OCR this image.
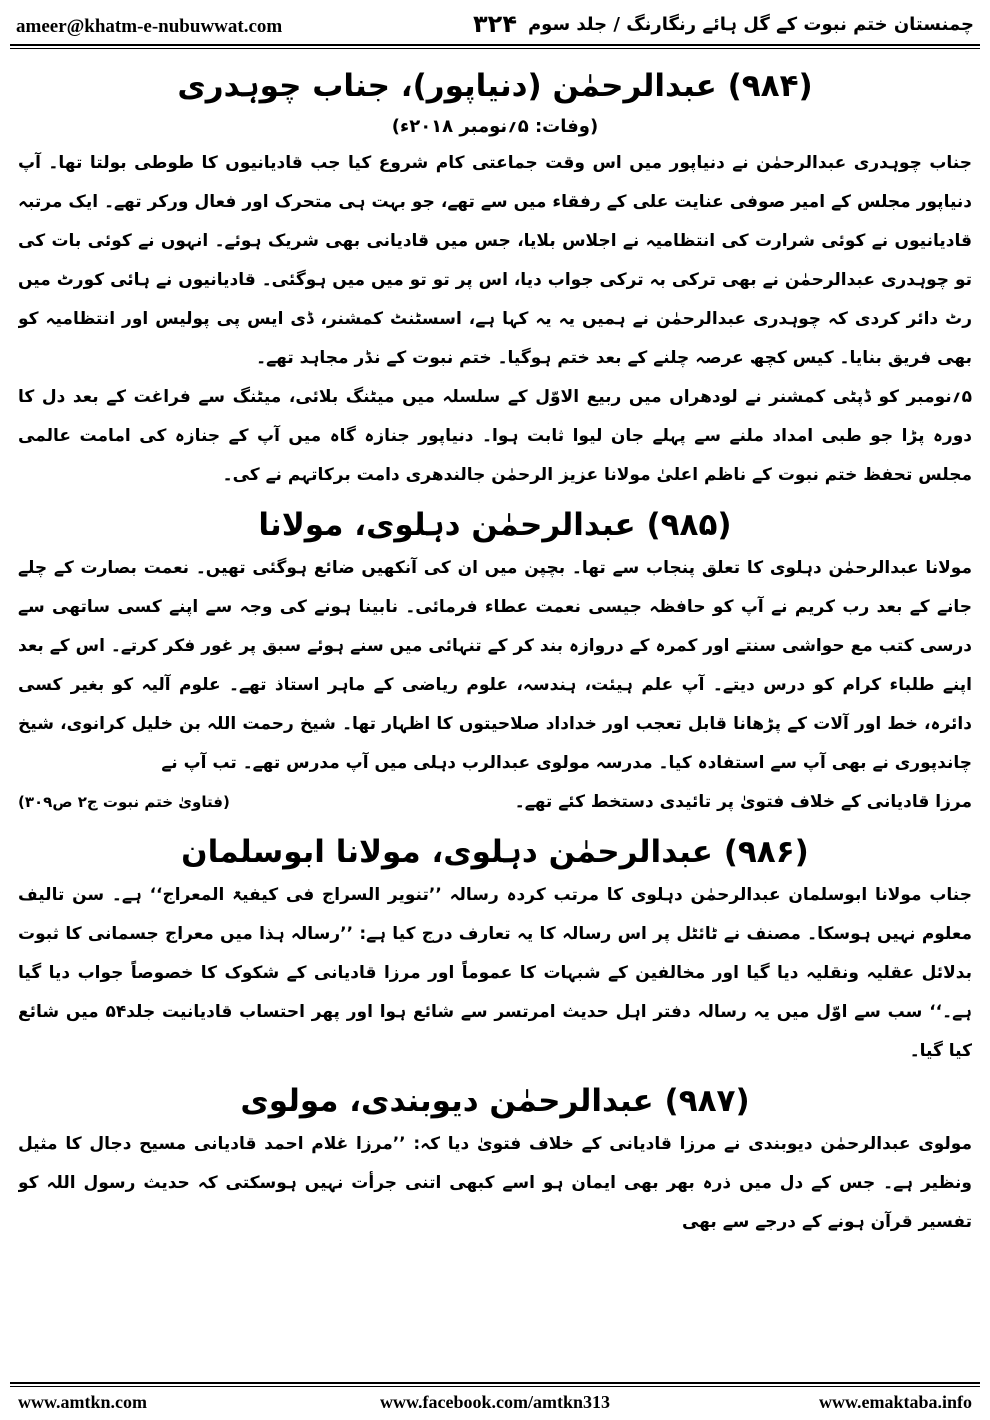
ameer@khatm-e-nubuwwat.com	۳۲۴ چمنستان ختم نبوت کے گل ہائے رنگارنگ / جلد سوم
(۹۸۴) عبدالرحمٰن (دنیاپور)، جناب چوہدری
(وفات: ۵؍نومبر ۲۰۱۸ء)

جناب چوہدری عبدالرحمٰن نے دنیاپور میں اس وقت جماعتی کام شروع کیا جب قادیانیوں کا طوطی بولتا تھا۔ آپ دنیاپور مجلس کے امیر صوفی عنایت علی کے رفقاء میں سے تھے، جو بہت ہی متحرک اور فعال ورکر تھے۔ ایک مرتبہ قادیانیوں نے کوئی شرارت کی انتظامیہ نے اجلاس بلایا، جس میں قادیانی بھی شریک ہوئے۔ انہوں نے کوئی بات کی تو چوہدری عبدالرحمٰن نے بھی ترکی بہ ترکی جواب دیا، اس پر تو تو میں میں ہوگئی۔ قادیانیوں نے ہائی کورٹ میں رٹ دائر کردی کہ چوہدری عبدالرحمٰن نے ہمیں یہ یہ کہا ہے، اسسٹنٹ کمشنر، ڈی ایس پی پولیس اور انتظامیہ کو بھی فریق بنایا۔ کیس کچھ عرصہ چلنے کے بعد ختم ہوگیا۔ ختم نبوت کے نڈر مجاہد تھے۔

۵؍نومبر کو ڈپٹی کمشنر نے لودھراں میں ربیع الاوّل کے سلسلہ میں میٹنگ بلائی، میٹنگ سے فراغت کے بعد دل کا دورہ پڑا جو طبی امداد ملنے سے پہلے جان لیوا ثابت ہوا۔ دنیاپور جنازہ گاہ میں آپ کے جنازہ کی امامت عالمی مجلس تحفظ ختم نبوت کے ناظم اعلیٰ مولانا عزیز الرحمٰن جالندھری دامت برکاتہم نے کی۔

(۹۸۵) عبدالرحمٰن دہلوی، مولانا

مولانا عبدالرحمٰن دہلوی کا تعلق پنجاب سے تھا۔ بچپن میں ان کی آنکھیں ضائع ہوگئی تھیں۔ نعمت بصارت کے چلے جانے کے بعد رب کریم نے آپ کو حافظہ جیسی نعمت عطاء فرمائی۔ نابینا ہونے کی وجہ سے اپنے کسی ساتھی سے درسی کتب مع حواشی سنتے اور کمرہ کے دروازہ بند کر کے تنہائی میں سنے ہوئے سبق پر غور فکر کرتے۔ اس کے بعد اپنے طلباء کرام کو درس دیتے۔ آپ علم ہیئت، ہندسہ، علوم ریاضی کے ماہر استاذ تھے۔ علوم آلیہ کو بغیر کسی دائرہ، خط اور آلات کے پڑھانا قابل تعجب اور خداداد صلاحیتوں کا اظہار تھا۔ شیخ رحمت اللہ بن خلیل کرانوی، شیخ چاندپوری نے بھی آپ سے استفادہ کیا۔ مدرسہ مولوی عبدالرب دہلی میں آپ مدرس تھے۔ تب آپ نے

مرزا قادیانی کے خلاف فتویٰ پر تائیدی دستخط کئے تھے۔
(فتاویٰ ختم نبوت ج۲ ص۳۰۹)
(۹۸۶) عبدالرحمٰن دہلوی، مولانا ابوسلمان

جناب مولانا ابوسلمان عبدالرحمٰن دہلوی کا مرتب کردہ رسالہ ’’تنویر السراج فی کیفیۃ المعراج‘‘ ہے۔ سن تالیف معلوم نہیں ہوسکا۔ مصنف نے ٹائٹل پر اس رسالہ کا یہ تعارف درج کیا ہے: ’’رسالہ ہذا میں معراج جسمانی کا ثبوت بدلائل عقلیہ ونقلیہ دیا گیا اور مخالفین کے شبہات کا عموماً اور مرزا قادیانی کے شکوک کا خصوصاً جواب دیا گیا ہے۔‘‘ سب سے اوّل میں یہ رسالہ دفتر اہل حدیث امرتسر سے شائع ہوا اور پھر احتساب قادیانیت جلد۵۴ میں شائع کیا گیا۔

(۹۸۷) عبدالرحمٰن دیوبندی، مولوی

مولوی عبدالرحمٰن دیوبندی نے مرزا قادیانی کے خلاف فتویٰ دیا کہ: ’’مرزا غلام احمد قادیانی مسیح دجال کا مثیل ونظیر ہے۔ جس کے دل میں ذرہ بھر بھی ایمان ہو اسے کبھی اتنی جرأت نہیں ہوسکتی کہ حدیث رسول اللہ کو تفسیر قرآن ہونے کے درجے سے بھی

www.amtkn.com	www.facebook.com/amtkn313	www.emaktaba.info
